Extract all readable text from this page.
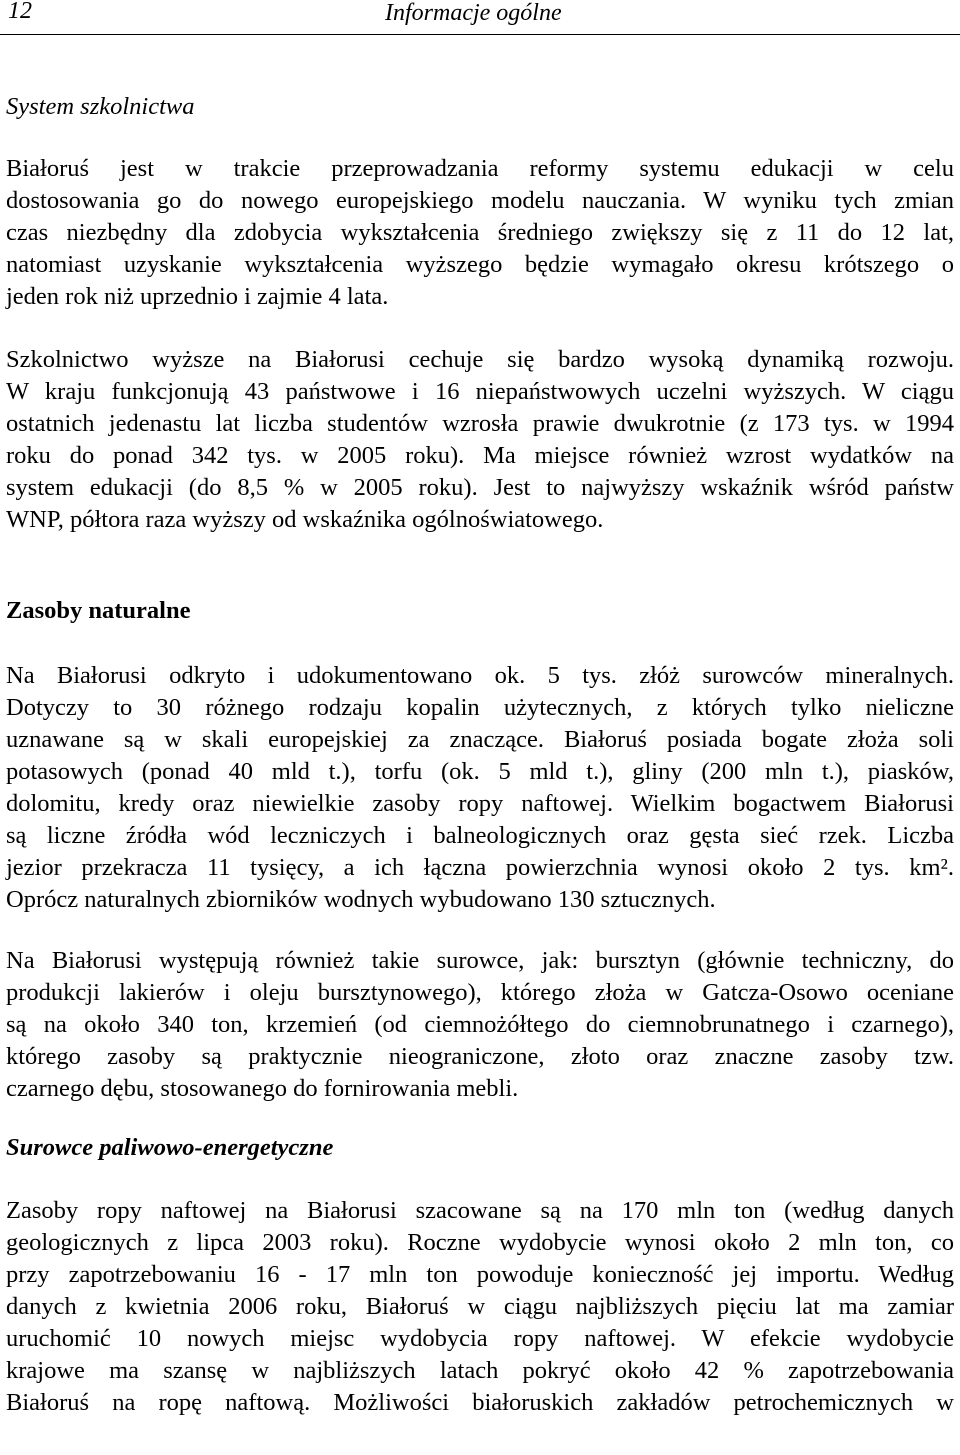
12	Informacje ogólne
System szkolnictwa
Białoruś jest w trakcie przeprowadzania reformy systemu edukacji w celu
dostosowania go do nowego europejskiego modelu nauczania. W wyniku tych zmian
czas niezbędny dla zdobycia wykształcenia średniego zwiększy się z 11 do 12 lat,
natomiast uzyskanie wykształcenia wyższego będzie wymagało okresu krótszego o
jeden rok niż uprzednio i zajmie 4 lata.
Szkolnictwo wyższe na Białorusi cechuje się bardzo wysoką dynamiką rozwoju.
W kraju funkcjonują 43 państwowe i 16 niepaństwowych uczelni wyższych. W ciągu
ostatnich jedenastu lat liczba studentów wzrosła prawie dwukrotnie (z 173 tys. w 1994
roku do ponad 342 tys. w 2005 roku). Ma miejsce również wzrost wydatków na
system edukacji (do 8,5 % w 2005 roku). Jest to najwyższy wskaźnik wśród państw
WNP, półtora raza wyższy od wskaźnika ogólnoświatowego.
Zasoby naturalne
Na Białorusi odkryto i udokumentowano ok. 5 tys. złóż surowców mineralnych.
Dotyczy to 30 różnego rodzaju kopalin użytecznych, z których tylko nieliczne
uznawane są w skali europejskiej za znaczące. Białoruś posiada bogate złoża soli
potasowych (ponad 40 mld t.), torfu (ok. 5 mld t.), gliny (200 mln t.), piasków,
dolomitu, kredy oraz niewielkie zasoby ropy naftowej. Wielkim bogactwem Białorusi
są liczne źródła wód leczniczych i balneologicznych oraz gęsta sieć rzek. Liczba
jezior przekracza 11 tysięcy, a ich łączna powierzchnia wynosi około 2 tys. km².
Oprócz naturalnych zbiorników wodnych wybudowano 130 sztucznych.
Na Białorusi występują również takie surowce, jak: bursztyn (głównie techniczny, do
produkcji lakierów i oleju bursztynowego), którego złoża w Gatcza-Osowo oceniane
są na około 340 ton, krzemień (od ciemnożółtego do ciemnobrunatnego i czarnego),
którego zasoby są praktycznie nieograniczone, złoto oraz znaczne zasoby tzw.
czarnego dębu, stosowanego do fornirowania mebli.
Surowce paliwowo-energetyczne
Zasoby ropy naftowej na Białorusi szacowane są na 170 mln ton (według danych
geologicznych z lipca 2003 roku). Roczne wydobycie wynosi około 2 mln ton, co
przy zapotrzebowaniu 16 - 17 mln ton powoduje konieczność jej importu. Według
danych z kwietnia 2006 roku, Białoruś w ciągu najbliższych pięciu lat ma zamiar
uruchomić 10 nowych miejsc wydobycia ropy naftowej. W efekcie wydobycie
krajowe ma szansę w najbliższych latach pokryć około 42 % zapotrzebowania
Białoruś na ropę naftową. Możliwości białoruskich zakładów petrochemicznych w
